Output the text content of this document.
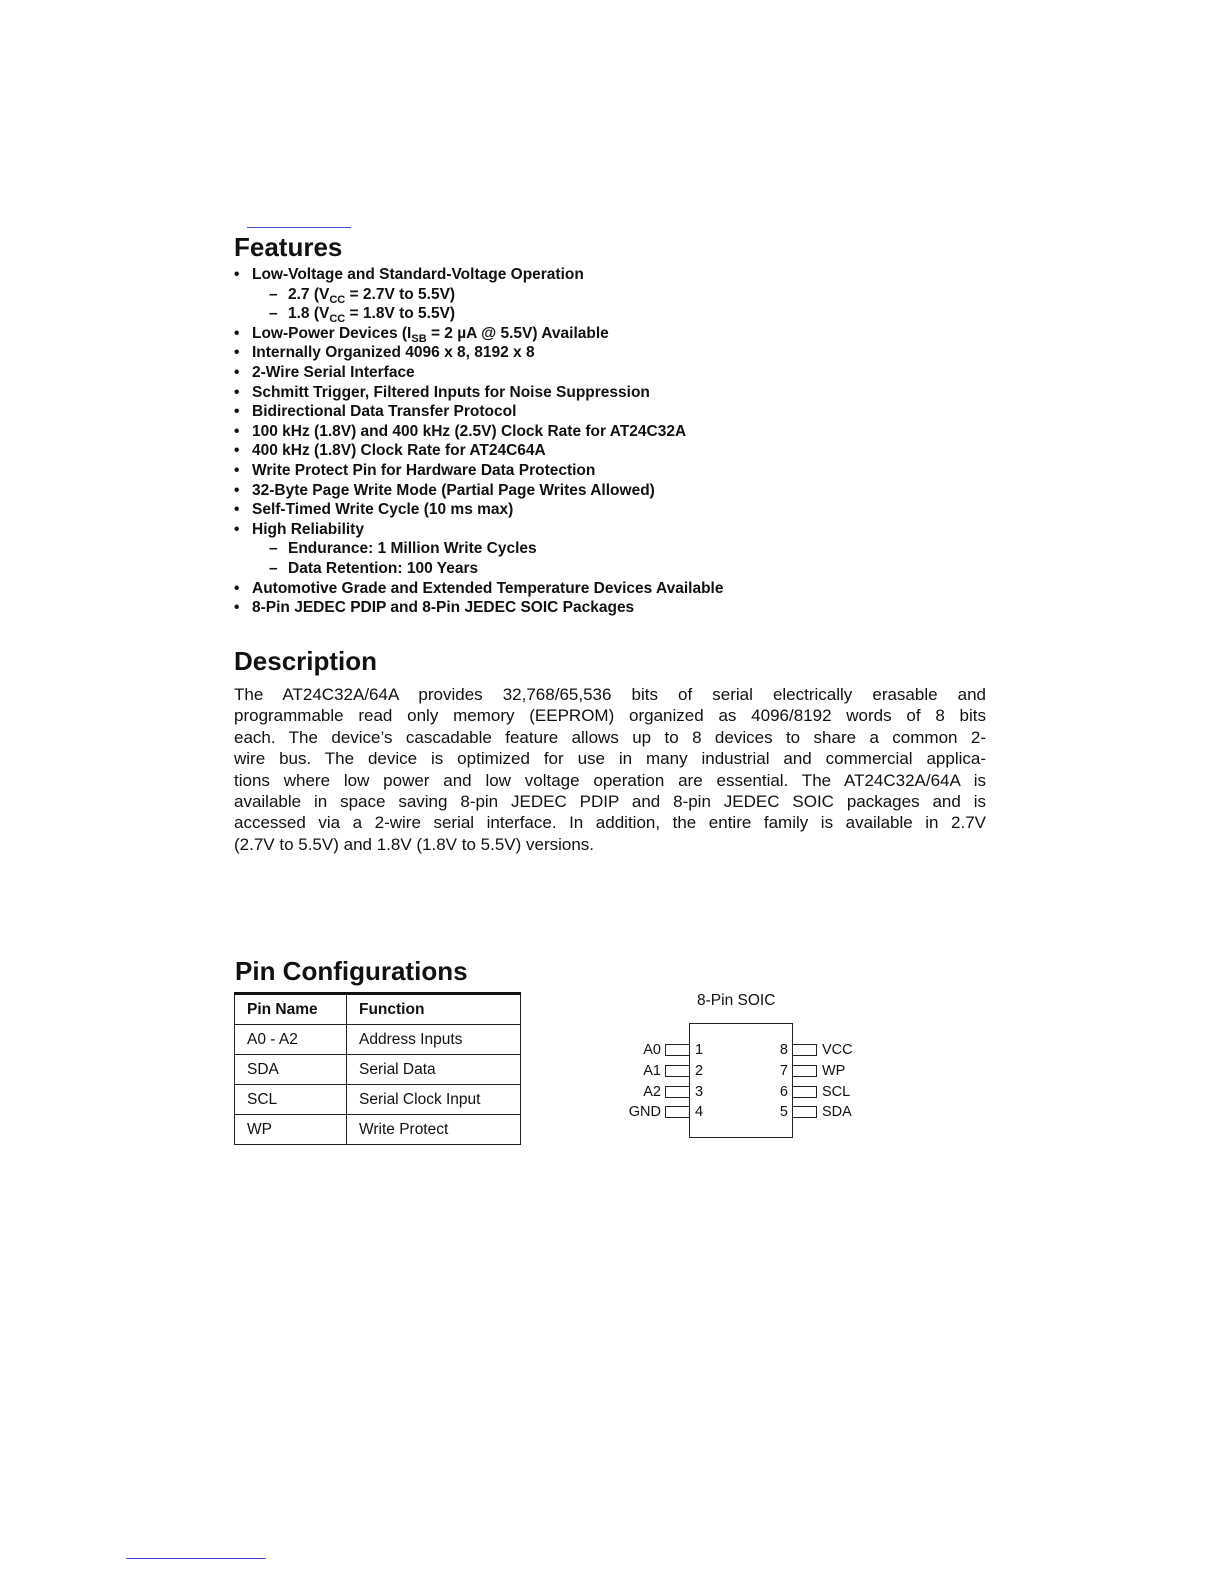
Features
• Low-Voltage and Standard-Voltage Operation
– 2.7 ($V_{CC} = 2.7V$ to 5.5V)
– 1.8 ($V_{CC} = 1.8V$ to 5.5V)
• Low-Power Devices ($I_{SB} = 2$ µA @ 5.5V) Available
• Internally Organized 4096 x 8, 8192 x 8
• 2-Wire Serial Interface
• Schmitt Trigger, Filtered Inputs for Noise Suppression
• Bidirectional Data Transfer Protocol
• 100 kHz (1.8V) and 400 kHz (2.5V) Clock Rate for AT24C32A
• 400 kHz (1.8V) Clock Rate for AT24C64A
• Write Protect Pin for Hardware Data Protection
• 32-Byte Page Write Mode (Partial Page Writes Allowed)
• Self-Timed Write Cycle (10 ms max)
• High Reliability
– Endurance: 1 Million Write Cycles
– Data Retention: 100 Years
• Automotive Grade and Extended Temperature Devices Available
• 8-Pin JEDEC PDIP and 8-Pin JEDEC SOIC Packages
Description
The AT24C32A/64A provides 32,768/65,536 bits of serial electrically erasable and
programmable read only memory (EEPROM) organized as 4096/8192 words of 8 bits
each. The device’s cascadable feature allows up to 8 devices to share a common 2-
wire bus. The device is optimized for use in many industrial and commercial applica-
tions where low power and low voltage operation are essential. The AT24C32A/64A is
available in space saving 8-pin JEDEC PDIP and 8-pin JEDEC SOIC packages and is
accessed via a 2-wire serial interface. In addition, the entire family is available in 2.7V
(2.7V to 5.5V) and 1.8V (1.8V to 5.5V) versions.
Pin Configurations
Pin Name	Function
A0 - A2	Address Inputs
SDA	Serial Data
SCL	Serial Clock Input
WP	Write Protect
8-Pin SOIC
A0 1
A1 2
A2 3
GND 4
8 VCC
7 WP
6 SCL
5 SDA
